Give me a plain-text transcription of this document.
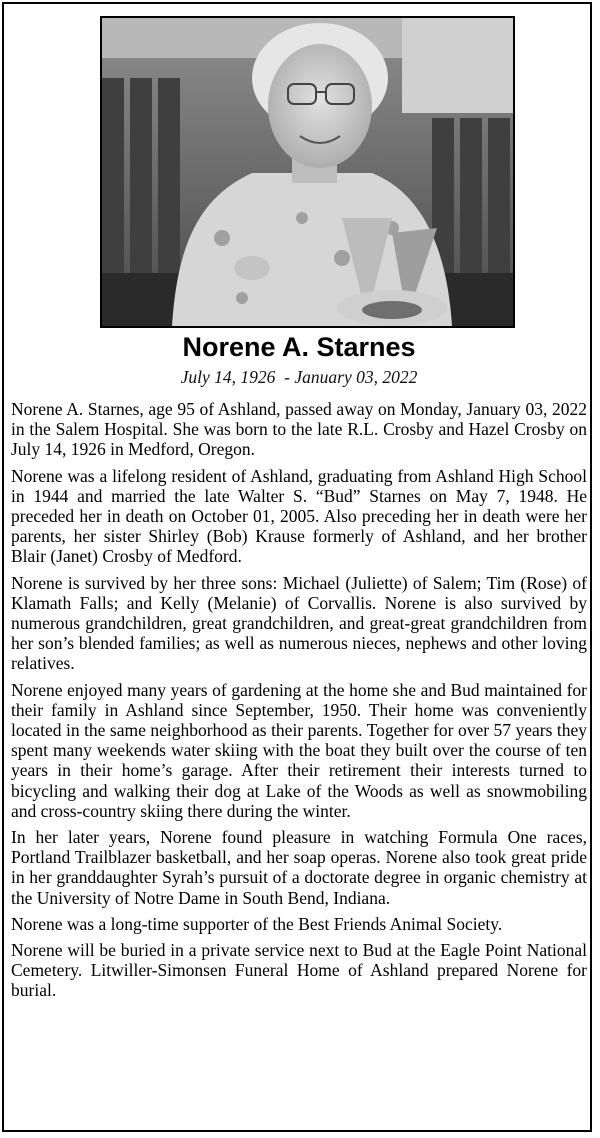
Norene A. Starnes
July 14, 1926  - January 03, 2022

Norene A. Starnes, age 95 of Ashland, passed away on Monday, January 03, 2022 in the Salem Hospital. She was born to the late R.L. Crosby and Hazel Crosby on July 14, 1926 in Medford, Oregon.

Norene was a lifelong resident of Ashland, graduating from Ashland High School in 1944 and married the late Walter S. “Bud” Starnes on May 7, 1948. He preceded her in death on October 01, 2005. Also preceding her in death were her parents, her sister Shirley (Bob) Krause formerly of Ashland, and her brother Blair (Janet) Crosby of Medford.

Norene is survived by her three sons: Michael (Juliette) of Salem; Tim (Rose) of Klamath Falls; and Kelly (Melanie) of Corvallis. Norene is also survived by numerous grandchildren, great grandchildren, and great-great grandchildren from her son’s blended families; as well as numerous nieces, nephews and other loving relatives.

Norene enjoyed many years of gardening at the home she and Bud maintained for their family in Ashland since September, 1950. Their home was conveniently located in the same neighborhood as their parents. Together for over 57 years they spent many weekends water skiing with the boat they built over the course of ten years in their home’s garage. After their retirement their interests turned to bicycling and walking their dog at Lake of the Woods as well as snowmobiling and cross-country skiing there during the winter.

In her later years, Norene found pleasure in watching Formula One races, Portland Trailblazer basketball, and her soap operas. Norene also took great pride in her granddaughter Syrah’s pursuit of a doctorate degree in organic chemistry at the University of Notre Dame in South Bend, Indiana.

Norene was a long-time supporter of the Best Friends Animal Society.

Norene will be buried in a private service next to Bud at the Eagle Point National Cemetery. Litwiller-Simonsen Funeral Home of Ashland prepared Norene for burial.
